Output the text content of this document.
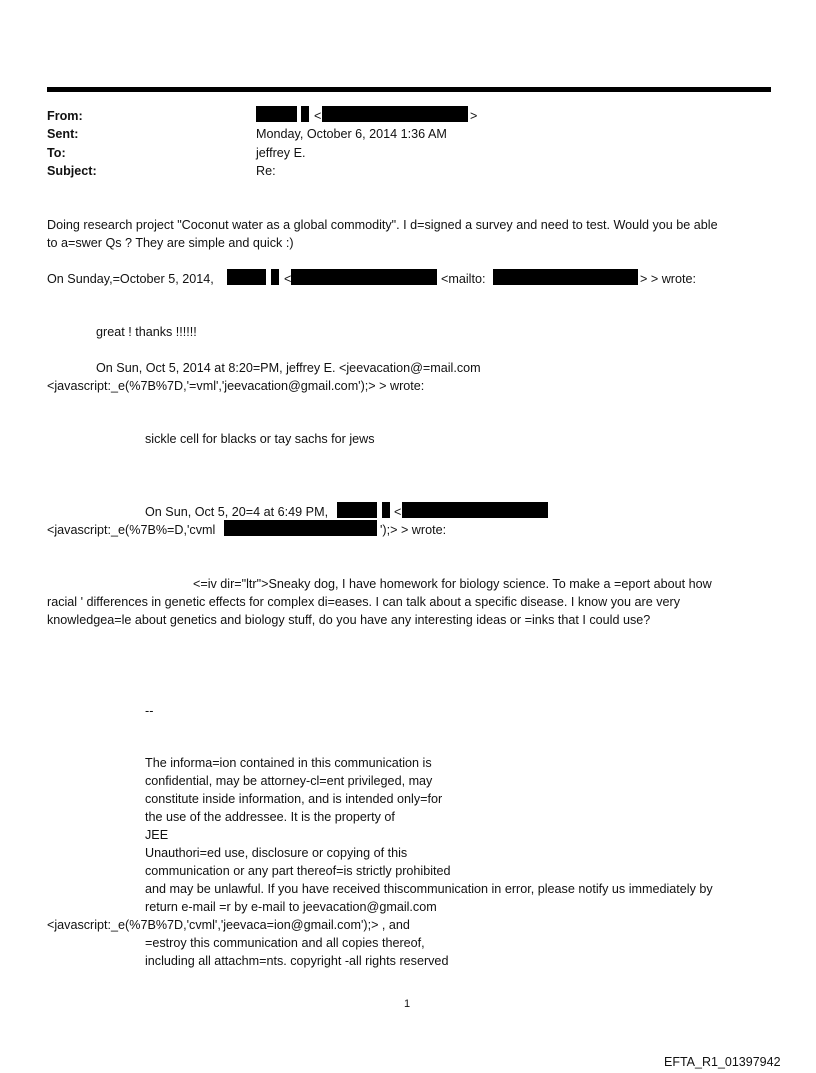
From:	<	>
Sent:	Monday, October 6, 2014 1:36 AM
To:	jeffrey E.
Subject:	Re:
Doing research project "Coconut water as a global commodity". I d=signed a survey and need to test. Would you be able
to a=swer Qs ? They are simple and quick :)
On Sunday,=October 5, 2014,	<	<mailto:	> > wrote:
great ! thanks !!!!!!
On Sun, Oct 5, 2014 at 8:20=PM, jeffrey E. <jeevacation@=mail.com
<javascript:_e(%7B%7D,'=vml','jeevacation@gmail.com');> > wrote:
sickle cell for blacks or tay sachs for jews
On Sun, Oct 5, 20=4 at 6:49 PM,	<
<javascript:_e(%7B%=D,'cvml	');> > wrote:
<=iv dir="ltr">Sneaky dog, I have homework for biology science. To make a =eport about how
racial ' differences in genetic effects for complex di=eases. I can talk about a specific disease. I know you are very
knowledgea=le about genetics and biology stuff, do you have any interesting ideas or =inks that I could use?
--
The informa=ion contained in this communication is
confidential, may be attorney-cl=ent privileged, may
constitute inside information, and is intended only=for
the use of the addressee. It is the property of
JEE
Unauthori=ed use, disclosure or copying of this
communication or any part thereof=is strictly prohibited
and may be unlawful. If you have received thiscommunication in error, please notify us immediately by
return e-mail =r by e-mail to jeevacation@gmail.com
<javascript:_e(%7B%7D,'cvml','jeevaca=ion@gmail.com');> , and
=estroy this communication and all copies thereof,
including all attachm=nts. copyright -all rights reserved
1
EFTA_R1_01397942
